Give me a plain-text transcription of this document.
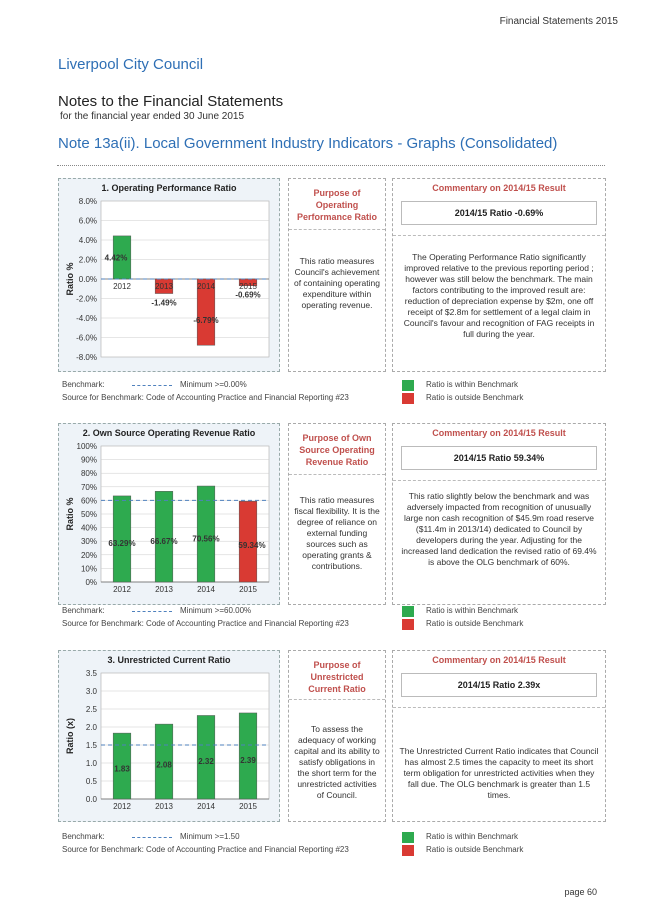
Financial Statements 2015
Liverpool City Council
Notes to the Financial Statements
for the financial year ended 30 June 2015
Note 13a(ii). Local Government Industry Indicators - Graphs (Consolidated)
1. Operating Performance Ratio
8.0%
6.0%
4.0%
2.0%
0.0%
-2.0%
-4.0%
-6.0%
-8.0%
Ratio %
4.42%
2012
-1.49%
2013
-6.79%
2014
-0.69%
2015
Purpose of Operating Performance Ratio
This ratio measures Council's achievement of containing operating expenditure within operating revenue.
Commentary on 2014/15 Result
2014/15 Ratio -0.69%
The Operating Performance Ratio significantly improved relative to the previous reporting period ; however was still below the benchmark. The main factors contributing to the improved result are: reduction of depreciation expense by $2m, one off receipt of $2.8m for settlement of a legal claim in Council's favour and recognition of FAG receipts in full during the year.
Benchmark:	Minimum >=0.00%
Source for Benchmark: Code of Accounting Practice and Financial Reporting #23
Ratio is within Benchmark
Ratio is outside Benchmark
2. Own Source Operating Revenue Ratio
100%
90%
80%
70%
60%
50%
40%
30%
20%
10%
0%
Ratio %
63.29%
2012
66.67%
2013
70.56%
2014
59.34%
2015
Purpose of Own Source Operating Revenue Ratio
This ratio measures fiscal flexibility. It is the degree of reliance on external funding sources such as operating grants & contributions.
Commentary on 2014/15 Result
2014/15 Ratio 59.34%
This ratio slightly below the benchmark and was adversely impacted from recognition of unusually large non cash recognition of $45.9m road reserve ($11.4m in 2013/14) dedicated to Council by developers during the year. Adjusting for the increased land dedication the revised ratio of 69.4% is above the OLG benchmark of 60%.
Benchmark:	Minimum >=60.00%
Source for Benchmark: Code of Accounting Practice and Financial Reporting #23
Ratio is within Benchmark
Ratio is outside Benchmark
3. Unrestricted Current Ratio
3.5
3.0
2.5
2.0
1.5
1.0
0.5
0.0
Ratio (x)
1.83
2012
2.08
2013
2.32
2014
2.39
2015
Purpose of Unrestricted Current Ratio
To assess the adequacy of working capital and its ability to satisfy obligations in the short term for the unrestricted activities of Council.
Commentary on 2014/15 Result
2014/15 Ratio 2.39x
The Unrestricted Current Ratio indicates that Council has almost 2.5 times the capacity to meet its short term obligation for unrestricted activities when they fall due. The OLG benchmark is greater than 1.5 times.
Benchmark:	Minimum >=1.50
Source for Benchmark: Code of Accounting Practice and Financial Reporting #23
Ratio is within Benchmark
Ratio is outside Benchmark
page 60
